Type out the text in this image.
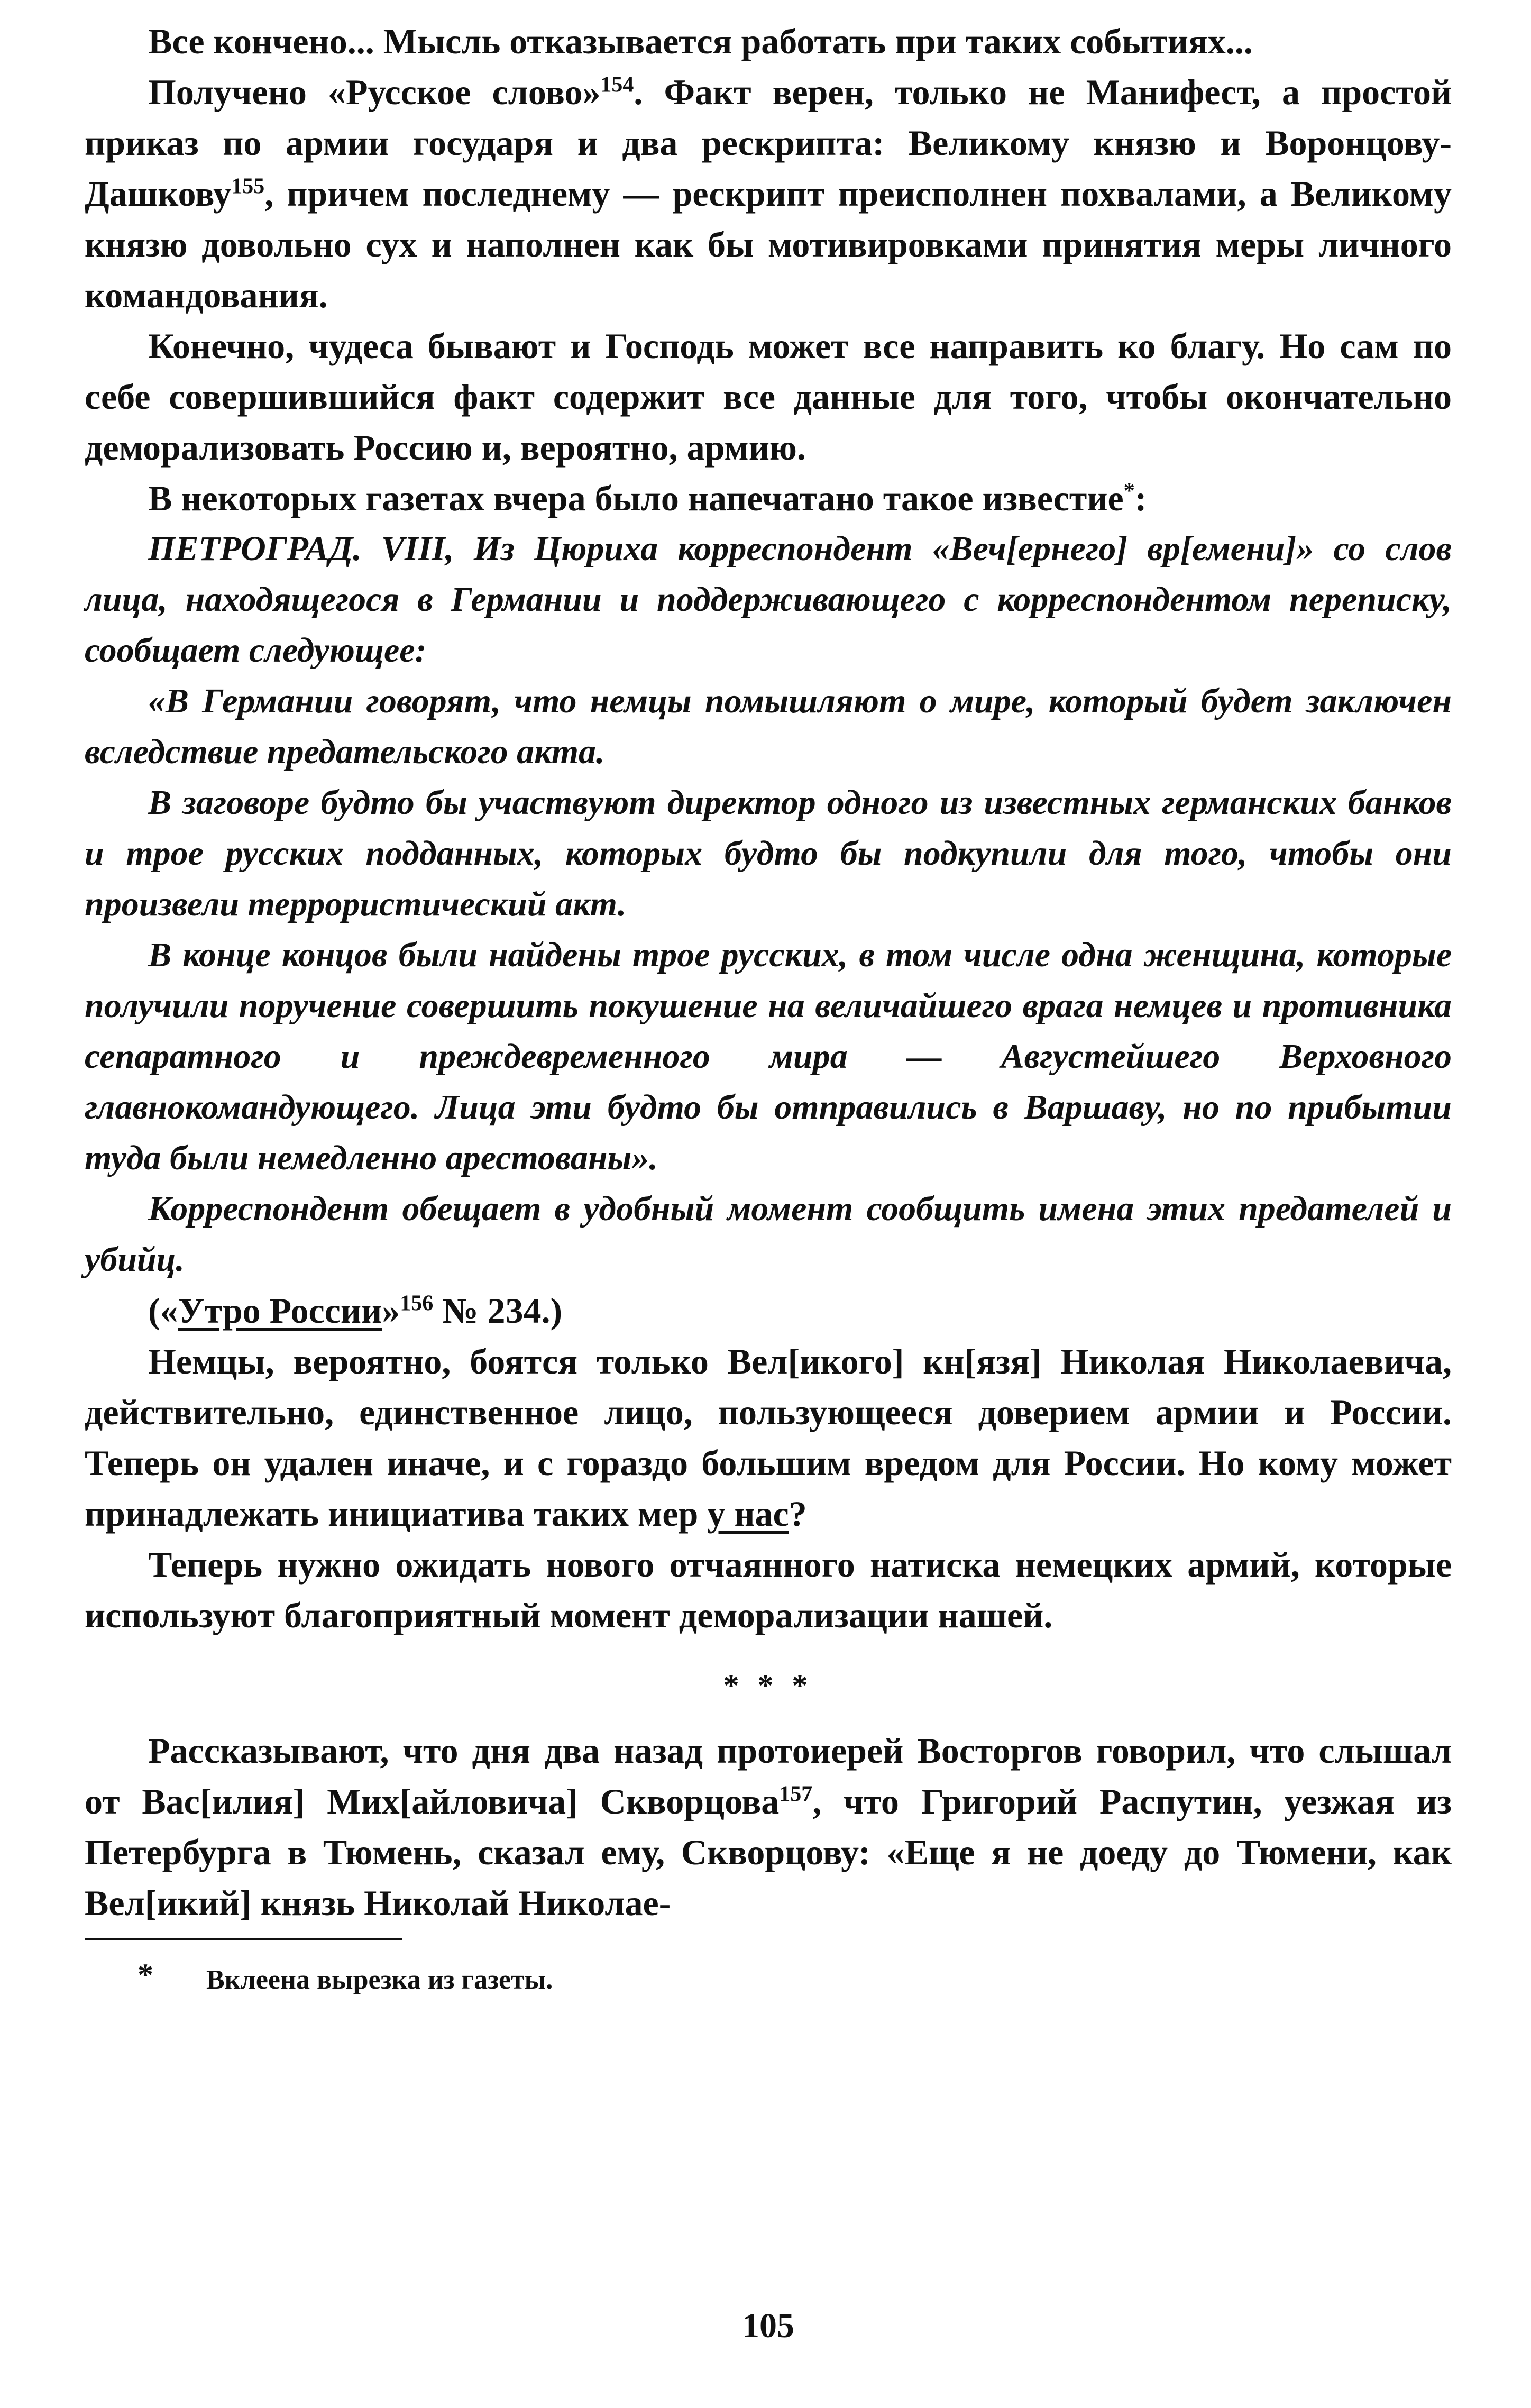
Все кончено... Мысль отказывается работать при таких событиях...

Получено «Русское слово»$^{154}$. Факт верен, только не Манифест, а простой приказ по армии государя и два рескрипта: Великому князю и Воронцову-Дашкову$^{155}$, причем последнему — рескрипт преисполнен похвалами, а Великому князю довольно сух и наполнен как бы мотивировками принятия меры личного командования.

Конечно, чудеса бывают и Господь может все направить ко благу. Но сам по себе совершившийся факт содержит все данные для того, чтобы окончательно деморализовать Россию и, вероятно, армию.

В некоторых газетах вчера было напечатано такое известие*:

ПЕТРОГРАД. VIII, Из Цюриха корреспондент «Веч[ернего] вр[емени]» со слов лица, находящегося в Германии и поддерживающего с корреспондентом переписку, сообщает следующее:

«В Германии говорят, что немцы помышляют о мире, который будет заключен вследствие предательского акта.

В заговоре будто бы участвуют директор одного из известных германских банков и трое русских подданных, которых будто бы подкупили для того, чтобы они произвели террористический акт.

В конце концов были найдены трое русских, в том числе одна женщина, которые получили поручение совершить покушение на величайшего врага немцев и противника сепаратного и преждевременного мира — Августейшего Верховного главнокомандующего. Лица эти будто бы отправились в Варшаву, но по прибытии туда были немедленно арестованы».

Корреспондент обещает в удобный момент сообщить имена этих предателей и убийц.

(«Утро России»$^{156}$ № 234.)

Немцы, вероятно, боятся только Вел[икого] кн[язя] Николая Николаевича, действительно, единственное лицо, пользующееся доверием армии и России. Теперь он удален иначе, и с гораздо большим вредом для России. Но кому может принадлежать инициатива таких мер у нас?

Теперь нужно ожидать нового отчаянного натиска немецких армий, которые используют благоприятный момент деморализации нашей.

* * *

Рассказывают, что дня два назад протоиерей Восторгов говорил, что слышал от Вас[илия] Мих[айловича] Скворцова$^{157}$, что Григорий Распутин, уезжая из Петербурга в Тюмень, сказал ему, Скворцову: «Еще я не доеду до Тюмени, как Вел[икий] князь Николай Николае-

* Вклеена вырезка из газеты.
105
